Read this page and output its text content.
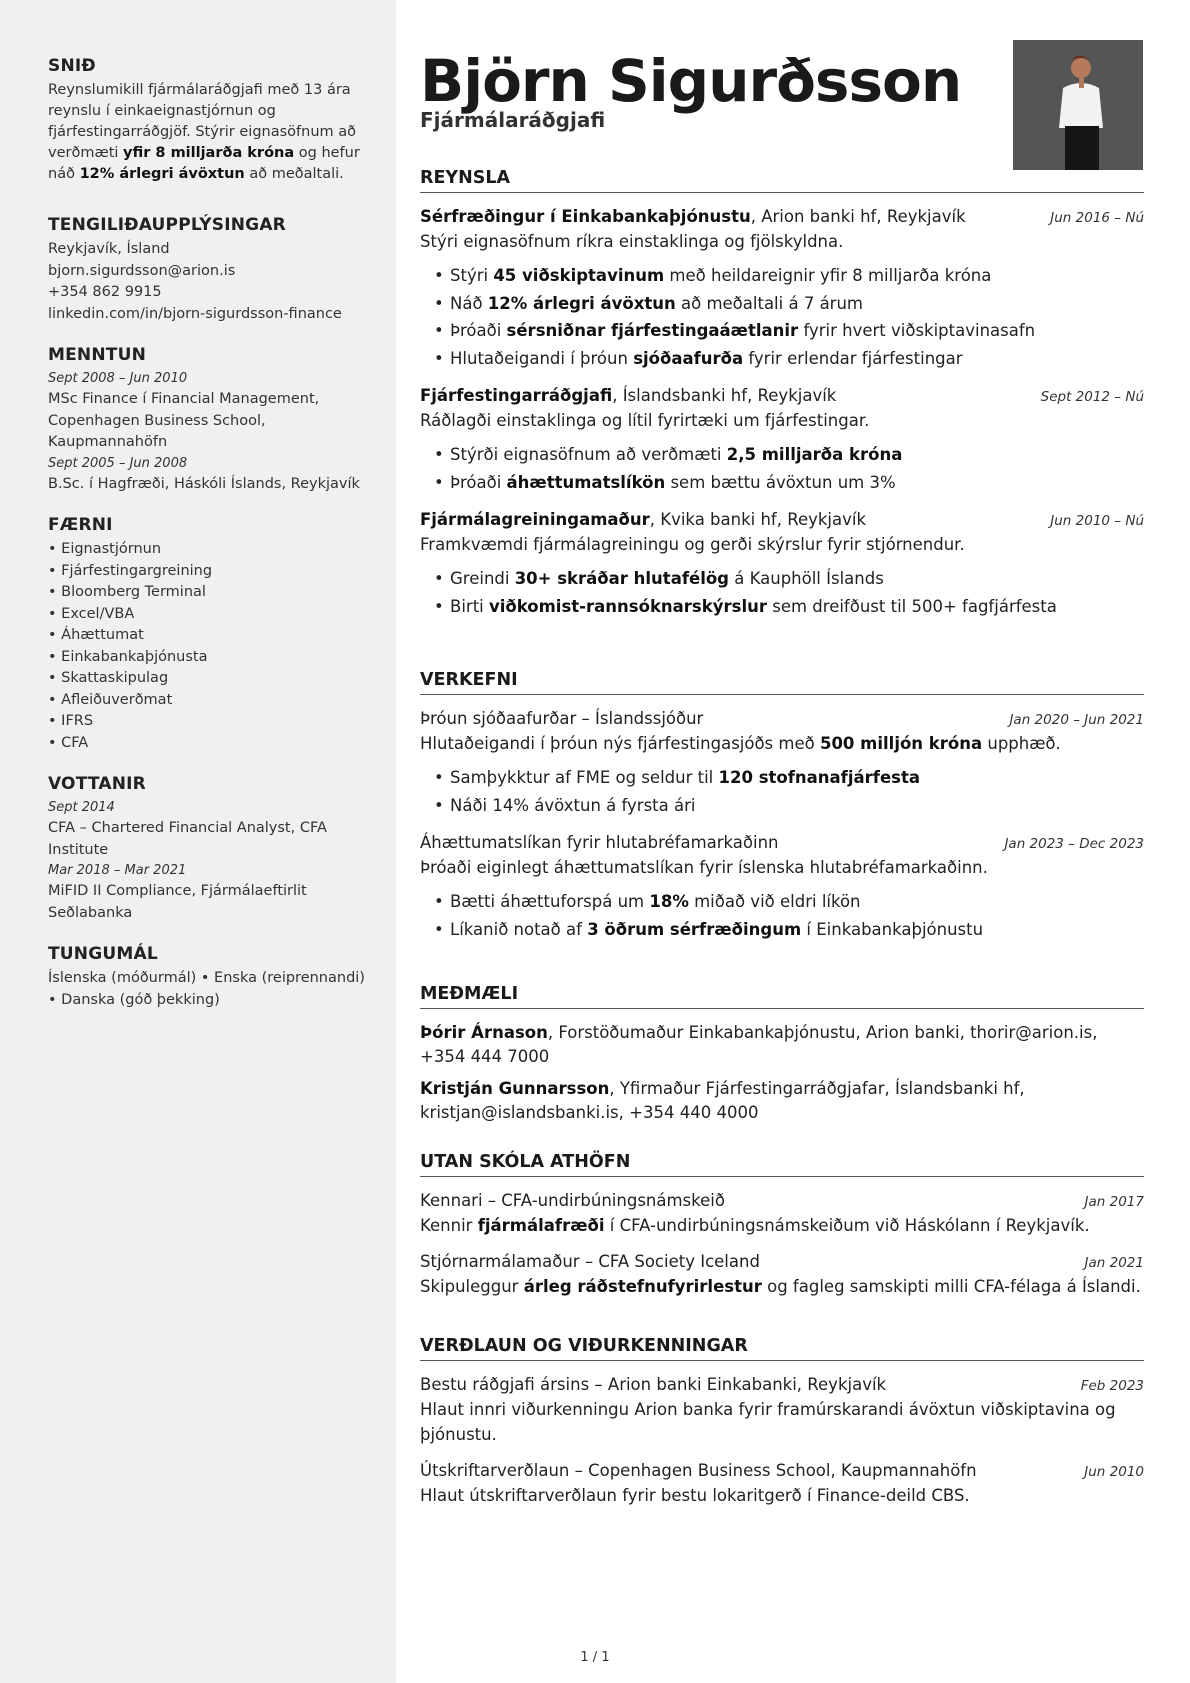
SNIÐ
Reynslumikill fjármálaráðgjafi með 13 ára reynslu í einkaeignastjórnun og fjárfestingarráðgjöf. Stýrir eignasöfnum að verðmæti yfir 8 milljarða króna og hefur náð 12% árlegri ávöxtun að meðaltali.
TENGILIÐAUPPLÝSINGAR
Reykjavík, Ísland
bjorn.sigurdsson@arion.is
+354 862 9915
linkedin.com/in/bjorn-sigurdsson-finance
MENNTUN
Sept 2008 – Jun 2010
MSc Finance í Financial Management, Copenhagen Business School, Kaupmannahöfn
Sept 2005 – Jun 2008
B.Sc. í Hagfræði, Háskóli Íslands, Reykjavík
FÆRNI
• Eignastjórnun
• Fjárfestingargreining
• Bloomberg Terminal
• Excel/VBA
• Áhættumat
• Einkabankaþjónusta
• Skattaskipulag
• Afleiðuverðmat
• IFRS
• CFA
VOTTANIR
Sept 2014
CFA – Chartered Financial Analyst, CFA Institute
Mar 2018 – Mar 2021
MiFID II Compliance, Fjármálaeftirlit Seðlabanka
TUNGUMÁL
Íslenska (móðurmál) • Enska (reiprennandi) • Danska (góð þekking)
Björn Sigurðsson
Fjármálaráðgjafi
REYNSLA
Sérfræðingur í Einkabankaþjónustu, Arion banki hf, Reykjavík	Jun 2016 – Nú
Stýri eignasöfnum ríkra einstaklinga og fjölskyldna.
• Stýri 45 viðskiptavinum með heildareignir yfir 8 milljarða króna
• Náð 12% árlegri ávöxtun að meðaltali á 7 árum
• Þróaði sérsniðnar fjárfestingaáætlanir fyrir hvert viðskiptavinasafn
• Hlutaðeigandi í þróun sjóðaafurða fyrir erlendar fjárfestingar
Fjárfestingarráðgjafi, Íslandsbanki hf, Reykjavík	Sept 2012 – Nú
Ráðlagði einstaklinga og lítil fyrirtæki um fjárfestingar.
• Stýrði eignasöfnum að verðmæti 2,5 milljarða króna
• Þróaði áhættumatslíkön sem bættu ávöxtun um 3%
Fjármálagreiningamaður, Kvika banki hf, Reykjavík	Jun 2010 – Nú
Framkvæmdi fjármálagreiningu og gerði skýrslur fyrir stjórnendur.
• Greindi 30+ skráðar hlutafélög á Kauphöll Íslands
• Birti viðkomist-rannsóknarskýrslur sem dreifðust til 500+ fagfjárfesta
VERKEFNI
Þróun sjóðaafurðar – Íslandssjóður	Jan 2020 – Jun 2021
Hlutaðeigandi í þróun nýs fjárfestingasjóðs með 500 milljón króna upphæð.
• Samþykktur af FME og seldur til 120 stofnanafjárfesta
• Náði 14% ávöxtun á fyrsta ári
Áhættumatslíkan fyrir hlutabréfamarkaðinn	Jan 2023 – Dec 2023
Þróaði eiginlegt áhættumatslíkan fyrir íslenska hlutabréfamarkaðinn.
• Bætti áhættuforspá um 18% miðað við eldri líkön
• Líkanið notað af 3 öðrum sérfræðingum í Einkabankaþjónustu
MEÐMÆLI
Þórir Árnason, Forstöðumaður Einkabankaþjónustu, Arion banki, thorir@arion.is, +354 444 7000
Kristján Gunnarsson, Yfirmaður Fjárfestingarráðgjafar, Íslandsbanki hf, kristjan@islandsbanki.is, +354 440 4000
UTAN SKÓLA ATHÖFN
Kennari – CFA-undirbúningsnámskeið	Jan 2017
Kennir fjármálafræði í CFA-undirbúningsnámskeiðum við Háskólann í Reykjavík.
Stjórnarmálamaður – CFA Society Iceland	Jan 2021
Skipuleggur árleg ráðstefnufyrirlestur og fagleg samskipti milli CFA-félaga á Íslandi.
VERÐLAUN OG VIÐURKENNINGAR
Bestu ráðgjafi ársins – Arion banki Einkabanki, Reykjavík	Feb 2023
Hlaut innri viðurkenningu Arion banka fyrir framúrskarandi ávöxtun viðskiptavina og þjónustu.
Útskriftarverðlaun – Copenhagen Business School, Kaupmannahöfn	Jun 2010
Hlaut útskriftarverðlaun fyrir bestu lokaritgerð í Finance-deild CBS.
1 / 1
